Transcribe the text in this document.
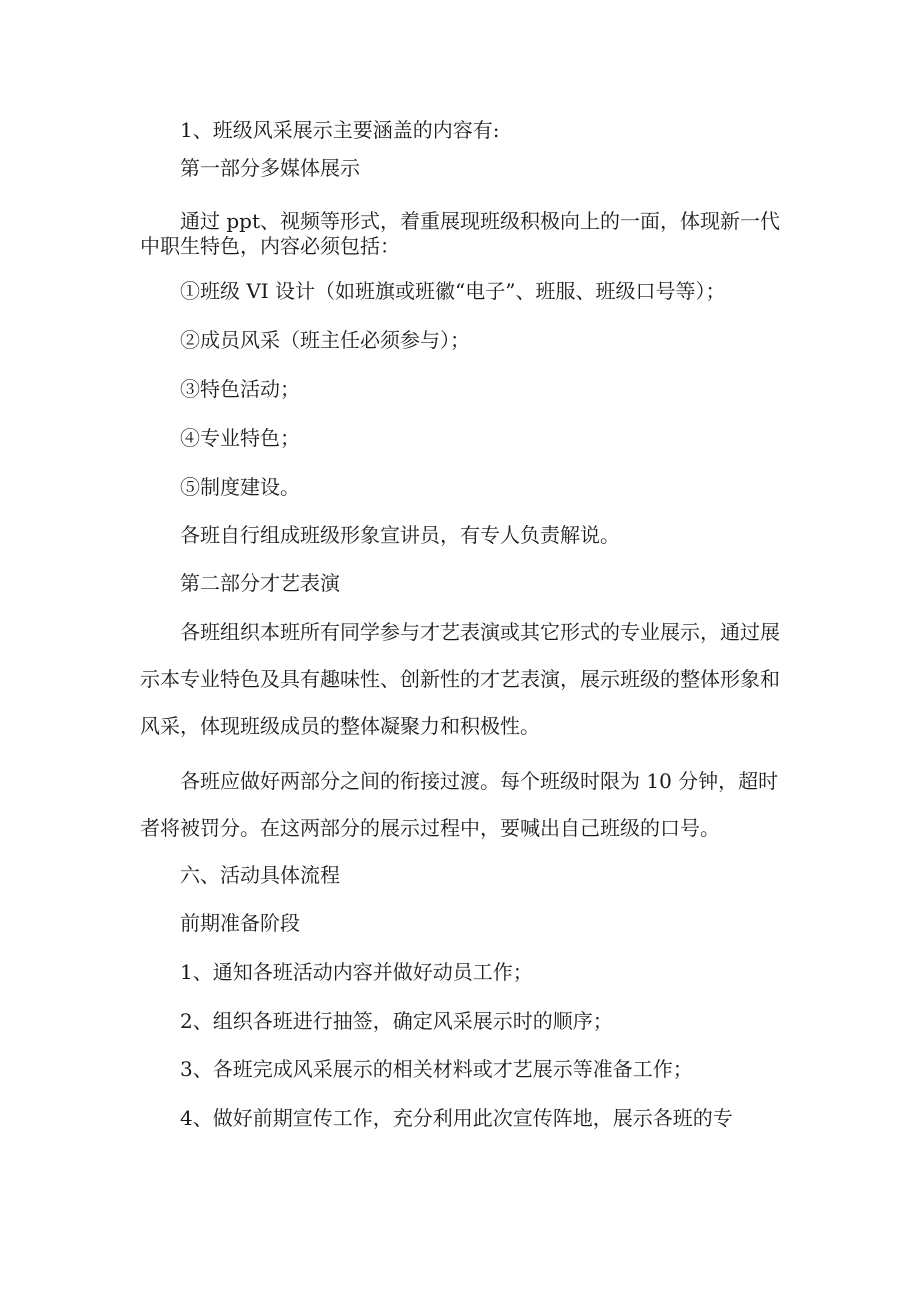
1、班级风采展示主要涵盖的内容有:
第一部分多媒体展示
通过 ppt、视频等形式，着重展现班级积极向上的一面，体现新一代
中职生特色，内容必须包括：
①班级 VI 设计（如班旗或班徽“电子”、班服、班级口号等）；
②成员风采（班主任必须参与）；
③特色活动；
④专业特色；
⑤制度建设。
各班自行组成班级形象宣讲员，有专人负责解说。
第二部分才艺表演
各班组织本班所有同学参与才艺表演或其它形式的专业展示，通过展
示本专业特色及具有趣味性、创新性的才艺表演，展示班级的整体形象和
风采，体现班级成员的整体凝聚力和积极性。
各班应做好两部分之间的衔接过渡。每个班级时限为 10 分钟，超时
者将被罚分。在这两部分的展示过程中，要喊出自己班级的口号。
六、活动具体流程
前期准备阶段
1、通知各班活动内容并做好动员工作；
2、组织各班进行抽签，确定风采展示时的顺序；
3、各班完成风采展示的相关材料或才艺展示等准备工作；
4、做好前期宣传工作，充分利用此次宣传阵地，展示各班的专
